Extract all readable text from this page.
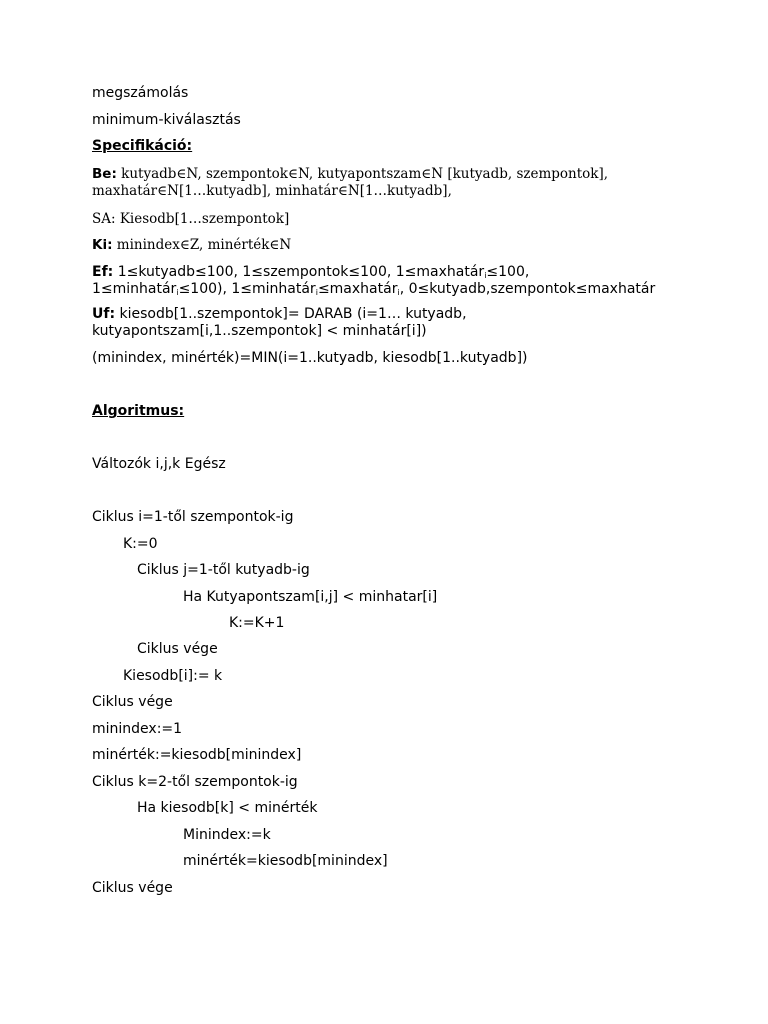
megszámolás
minimum-kiválasztás
Specifikáció:
Be: kutyadb∈N, szempontok∈N, kutyapontszam∈N [kutyadb, szempontok],
maxhatár∈N[1…kutyadb], minhatár∈N[1…kutyadb],
SA: Kiesodb[1…szempontok]
Ki: minindex∈Z, minérték∈N
Ef: 1≤kutyadb≤100, 1≤szempontok≤100, 1≤maxhatár$_i$≤100,
1≤minhatár$_i$≤100), 1≤minhatár$_i$≤maxhatár$_i$, 0≤kutyadb,szempontok≤maxhatár
Uf: kiesodb[1..szempontok]= DARAB (i=1… kutyadb,
kutyapontszam[i,1..szempontok] < minhatár[i])
(minindex, minérték)=MIN(i=1..kutyadb, kiesodb[1..kutyadb])
Algoritmus:
Változók i,j,k Egész
Ciklus i=1-től szempontok-ig
K:=0
Ciklus j=1-től kutyadb-ig
Ha Kutyapontszam[i,j] < minhatar[i]
K:=K+1
Ciklus vége
Kiesodb[i]:= k
Ciklus vége
minindex:=1
minérték:=kiesodb[minindex]
Ciklus k=2-től szempontok-ig
Ha kiesodb[k] < minérték
Minindex:=k
minérték=kiesodb[minindex]
Ciklus vége
